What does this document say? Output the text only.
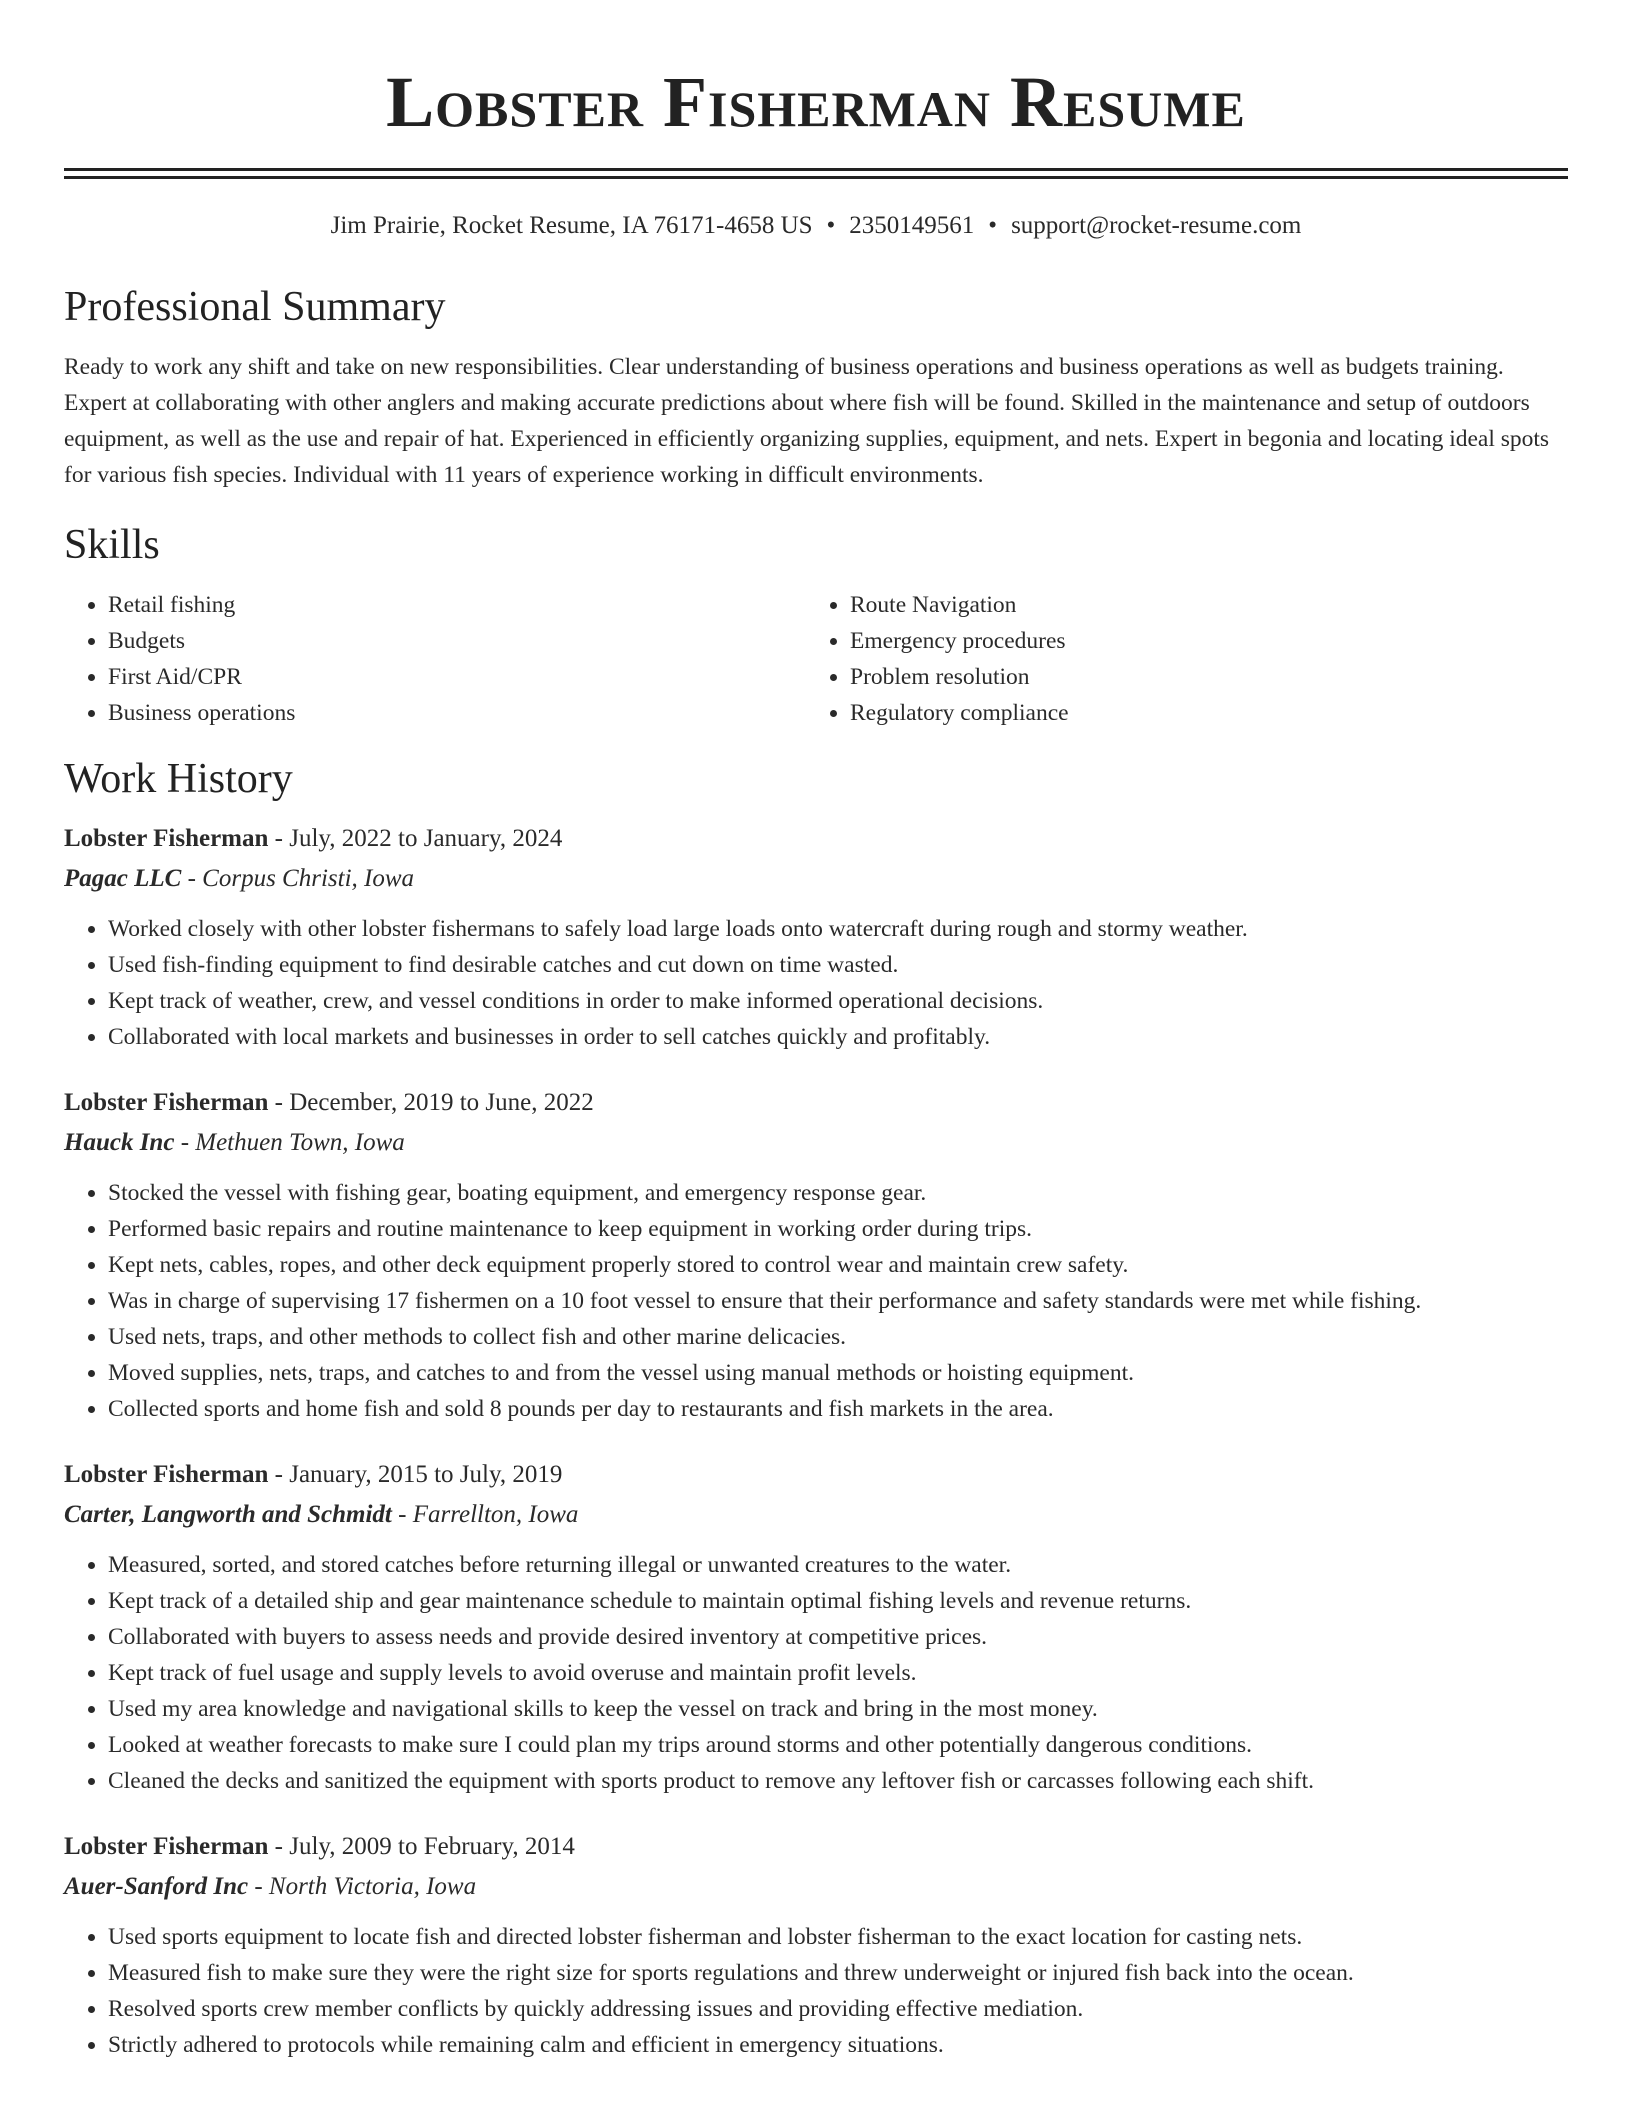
Lobster Fisherman Resume
Jim Prairie, Rocket Resume, IA 76171-4658 US • 2350149561 • support@rocket-resume.com
Professional Summary

Ready to work any shift and take on new responsibilities. Clear understanding of business operations and business operations as well as budgets training. Expert at collaborating with other anglers and making accurate predictions about where fish will be found. Skilled in the maintenance and setup of outdoors equipment, as well as the use and repair of hat. Experienced in efficiently organizing supplies, equipment, and nets. Expert in begonia and locating ideal spots for various fish species. Individual with 11 years of experience working in difficult environments.

Skills
• Retail fishing
• Budgets
• First Aid/CPR
• Business operations
• Route Navigation
• Emergency procedures
• Problem resolution
• Regulatory compliance
Work History
Lobster Fisherman - July, 2022 to January, 2024
Pagac LLC - Corpus Christi, Iowa
• Worked closely with other lobster fishermans to safely load large loads onto watercraft during rough and stormy weather.
• Used fish-finding equipment to find desirable catches and cut down on time wasted.
• Kept track of weather, crew, and vessel conditions in order to make informed operational decisions.
• Collaborated with local markets and businesses in order to sell catches quickly and profitably.
Lobster Fisherman - December, 2019 to June, 2022
Hauck Inc - Methuen Town, Iowa
• Stocked the vessel with fishing gear, boating equipment, and emergency response gear.
• Performed basic repairs and routine maintenance to keep equipment in working order during trips.
• Kept nets, cables, ropes, and other deck equipment properly stored to control wear and maintain crew safety.
• Was in charge of supervising 17 fishermen on a 10 foot vessel to ensure that their performance and safety standards were met while fishing.
• Used nets, traps, and other methods to collect fish and other marine delicacies.
• Moved supplies, nets, traps, and catches to and from the vessel using manual methods or hoisting equipment.
• Collected sports and home fish and sold 8 pounds per day to restaurants and fish markets in the area.
Lobster Fisherman - January, 2015 to July, 2019
Carter, Langworth and Schmidt - Farrellton, Iowa
• Measured, sorted, and stored catches before returning illegal or unwanted creatures to the water.
• Kept track of a detailed ship and gear maintenance schedule to maintain optimal fishing levels and revenue returns.
• Collaborated with buyers to assess needs and provide desired inventory at competitive prices.
• Kept track of fuel usage and supply levels to avoid overuse and maintain profit levels.
• Used my area knowledge and navigational skills to keep the vessel on track and bring in the most money.
• Looked at weather forecasts to make sure I could plan my trips around storms and other potentially dangerous conditions.
• Cleaned the decks and sanitized the equipment with sports product to remove any leftover fish or carcasses following each shift.
Lobster Fisherman - July, 2009 to February, 2014
Auer-Sanford Inc - North Victoria, Iowa
• Used sports equipment to locate fish and directed lobster fisherman and lobster fisherman to the exact location for casting nets.
• Measured fish to make sure they were the right size for sports regulations and threw underweight or injured fish back into the ocean.
• Resolved sports crew member conflicts by quickly addressing issues and providing effective mediation.
• Strictly adhered to protocols while remaining calm and efficient in emergency situations.
